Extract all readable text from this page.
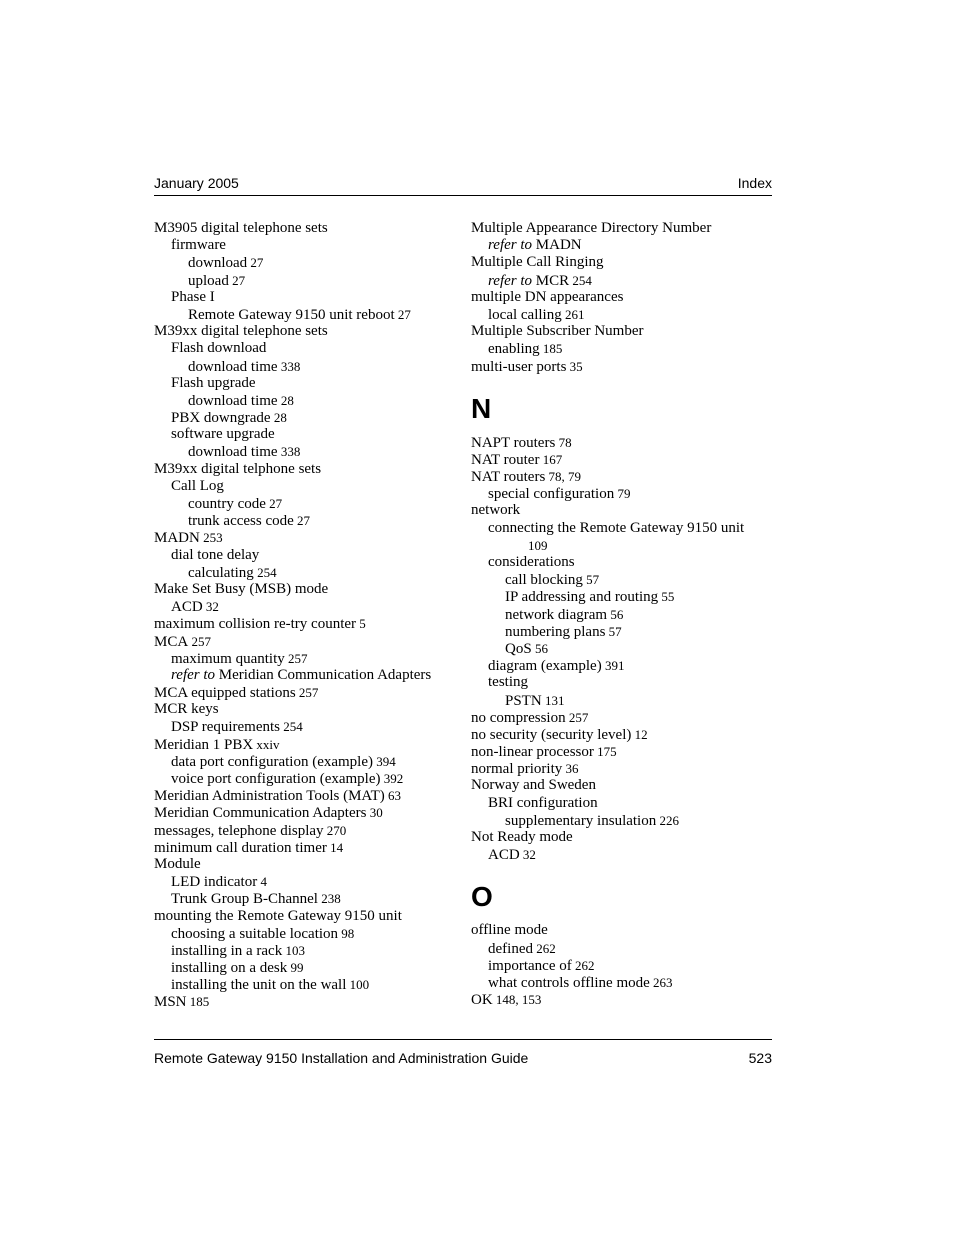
January 2005	Index
M3905 digital telephone sets
firmware
download 27
upload 27
Phase I
Remote Gateway 9150 unit reboot 27
M39xx digital telephone sets
Flash download
download time 338
Flash upgrade
download time 28
PBX downgrade 28
software upgrade
download time 338
M39xx digital telphone sets
Call Log
country code 27
trunk access code 27
MADN 253
dial tone delay
calculating 254
Make Set Busy (MSB) mode
ACD 32
maximum collision re-try counter 5
MCA 257
maximum quantity 257
refer to Meridian Communication Adapters
MCA equipped stations 257
MCR keys
DSP requirements 254
Meridian 1 PBX xxiv
data port configuration (example) 394
voice port configuration (example) 392
Meridian Administration Tools (MAT) 63
Meridian Communication Adapters 30
messages, telephone display 270
minimum call duration timer 14
Module
LED indicator 4
Trunk Group B-Channel 238
mounting the Remote Gateway 9150 unit
choosing a suitable location 98
installing in a rack 103
installing on a desk 99
installing the unit on the wall 100
MSN 185
Multiple Appearance Directory Number
refer to MADN
Multiple Call Ringing
refer to MCR 254
multiple DN appearances
local calling 261
Multiple Subscriber Number
enabling 185
multi-user ports 35
N
NAPT routers 78
NAT router 167
NAT routers 78, 79
special configuration 79
network
connecting the Remote Gateway 9150 unit
109
considerations
call blocking 57
IP addressing and routing 55
network diagram 56
numbering plans 57
QoS 56
diagram (example) 391
testing
PSTN 131
no compression 257
no security (security level) 12
non-linear processor 175
normal priority 36
Norway and Sweden
BRI configuration
supplementary insulation 226
Not Ready mode
ACD 32
O
offline mode
defined 262
importance of 262
what controls offline mode 263
OK 148, 153
Remote Gateway 9150 Installation and Administration Guide	523
